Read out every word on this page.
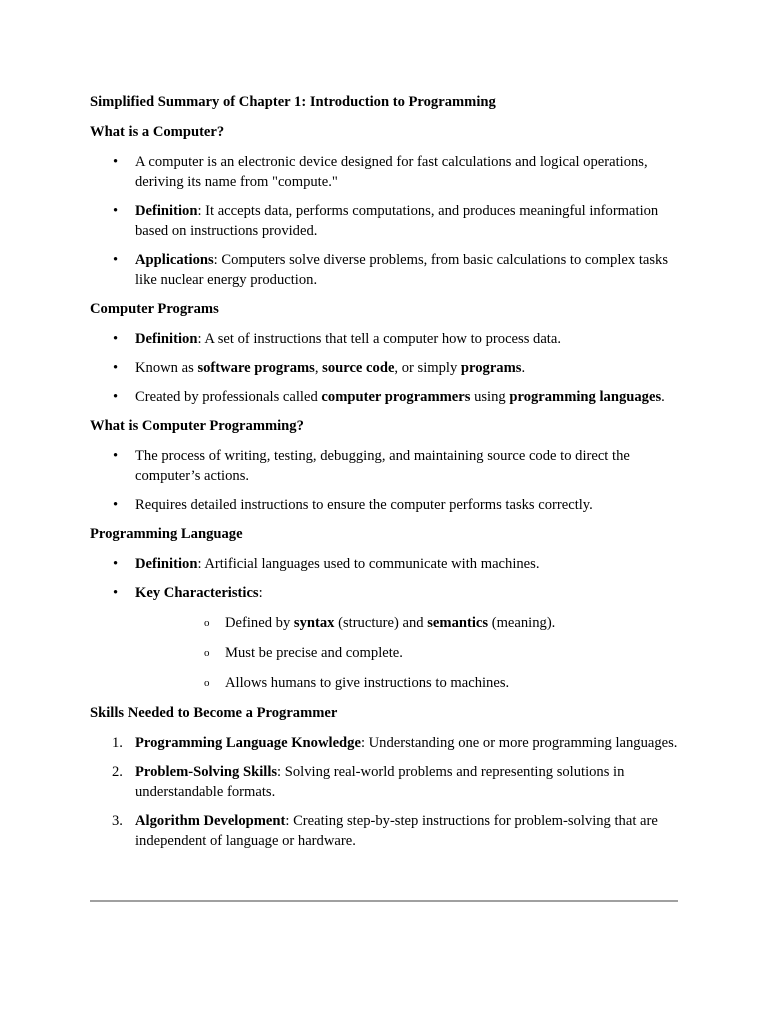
Simplified Summary of Chapter 1: Introduction to Programming
What is a Computer?
• A computer is an electronic device designed for fast calculations and logical operations, deriving its name from "compute."
• Definition: It accepts data, performs computations, and produces meaningful information based on instructions provided.
• Applications: Computers solve diverse problems, from basic calculations to complex tasks like nuclear energy production.
Computer Programs
• Definition: A set of instructions that tell a computer how to process data.
• Known as software programs, source code, or simply programs.
• Created by professionals called computer programmers using programming languages.
What is Computer Programming?
• The process of writing, testing, debugging, and maintaining source code to direct the computer’s actions.
• Requires detailed instructions to ensure the computer performs tasks correctly.
Programming Language
• Definition: Artificial languages used to communicate with machines.
• Key Characteristics:
o Defined by syntax (structure) and semantics (meaning).
o Must be precise and complete.
o Allows humans to give instructions to machines.
Skills Needed to Become a Programmer
1. Programming Language Knowledge: Understanding one or more programming languages.
2. Problem-Solving Skills: Solving real-world problems and representing solutions in understandable formats.
3. Algorithm Development: Creating step-by-step instructions for problem-solving that are independent of language or hardware.
